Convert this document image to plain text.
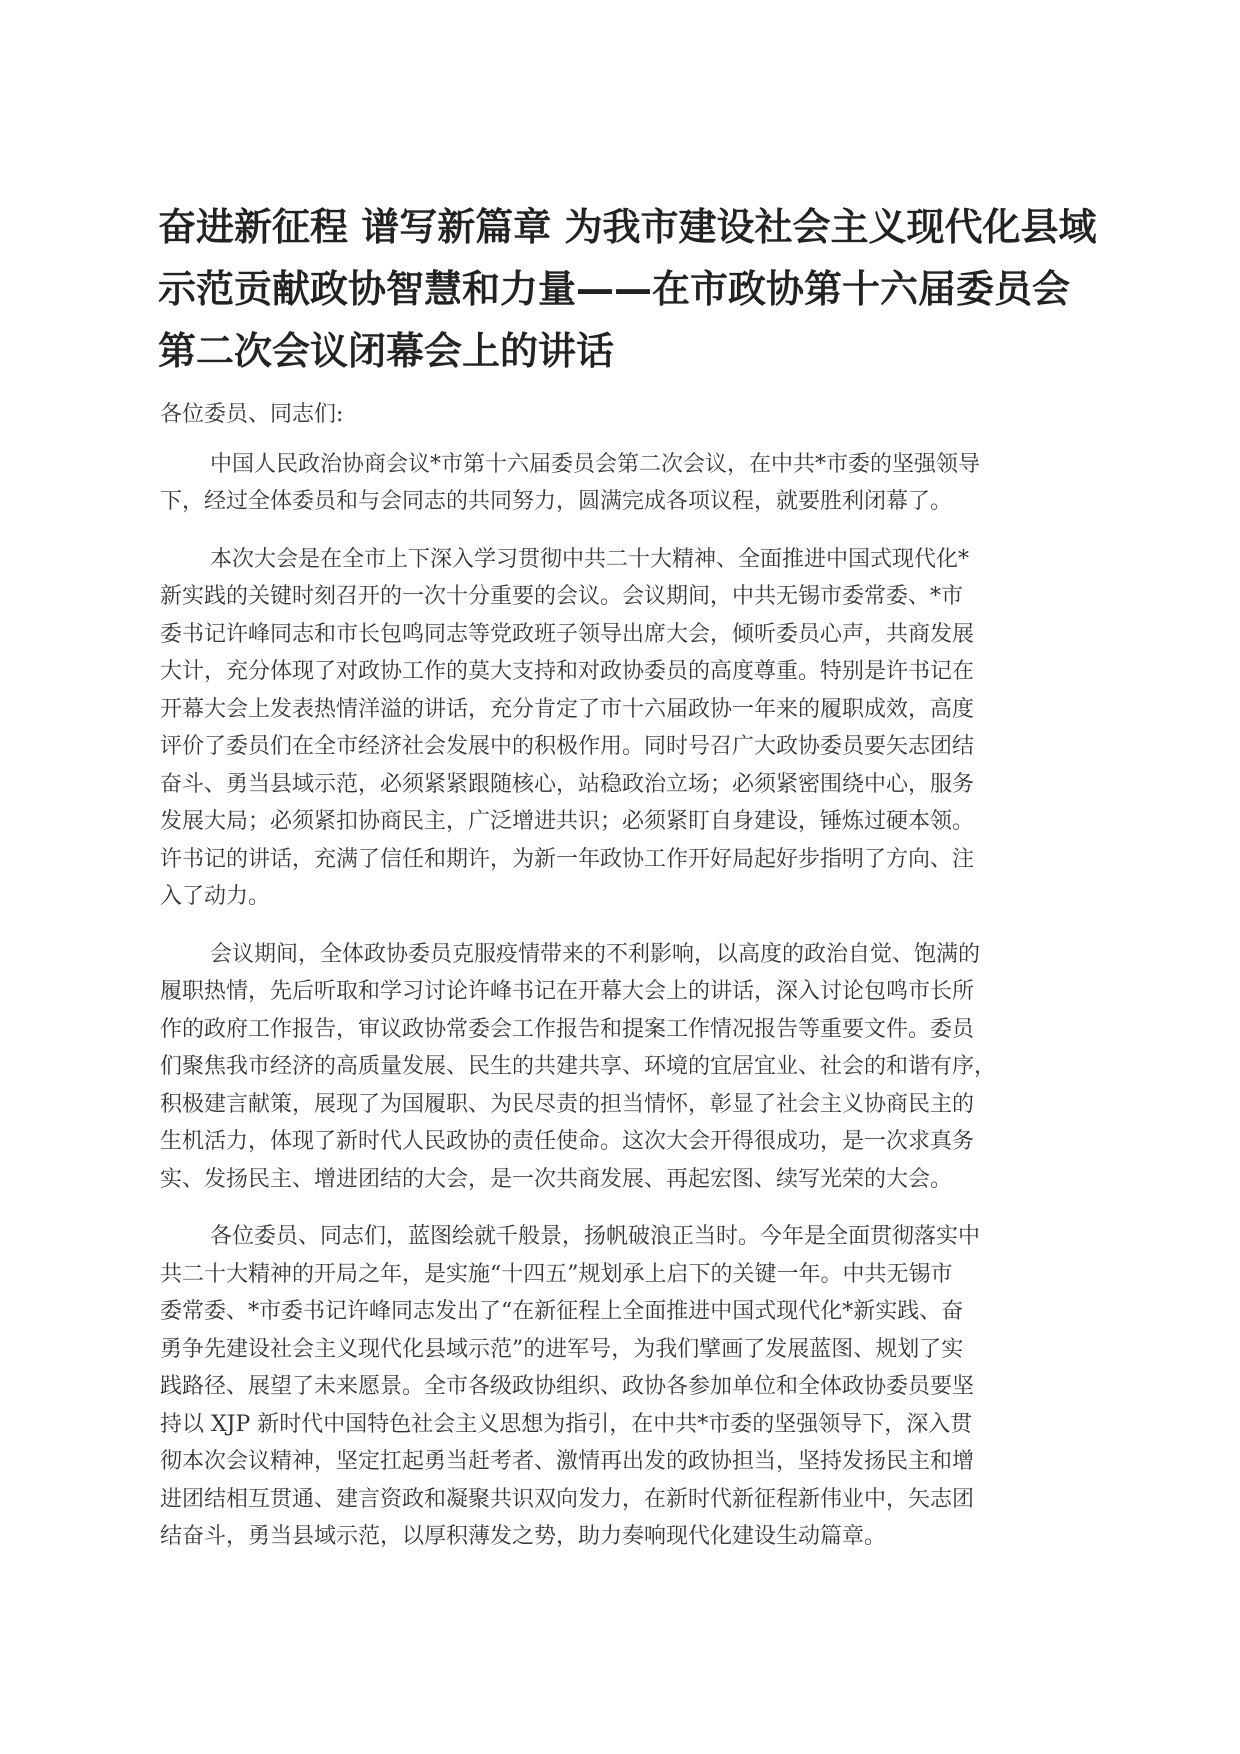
奋进新征程 谱写新篇章 为我市建设社会主义现代化县域
示范贡献政协智慧和力量——在市政协第十六届委员会
第二次会议闭幕会上的讲话

各位委员、同志们:

中国人民政治协商会议*市第十六届委员会第二次会议，在中共*市委的坚强领导
下，经过全体委员和与会同志的共同努力，圆满完成各项议程，就要胜利闭幕了。

本次大会是在全市上下深入学习贯彻中共二十大精神、全面推进中国式现代化*
新实践的关键时刻召开的一次十分重要的会议。会议期间，中共无锡市委常委、*市
委书记许峰同志和市长包鸣同志等党政班子领导出席大会，倾听委员心声，共商发展
大计，充分体现了对政协工作的莫大支持和对政协委员的高度尊重。特别是许书记在
开幕大会上发表热情洋溢的讲话，充分肯定了市十六届政协一年来的履职成效，高度
评价了委员们在全市经济社会发展中的积极作用。同时号召广大政协委员要矢志团结
奋斗、勇当县域示范，必须紧紧跟随核心，站稳政治立场；必须紧密围绕中心，服务
发展大局；必须紧扣协商民主，广泛增进共识；必须紧盯自身建设，锤炼过硬本领。
许书记的讲话，充满了信任和期许，为新一年政协工作开好局起好步指明了方向、注
入了动力。

会议期间，全体政协委员克服疫情带来的不利影响，以高度的政治自觉、饱满的
履职热情，先后听取和学习讨论许峰书记在开幕大会上的讲话，深入讨论包鸣市长所
作的政府工作报告，审议政协常委会工作报告和提案工作情况报告等重要文件。委员
们聚焦我市经济的高质量发展、民生的共建共享、环境的宜居宜业、社会的和谐有序，
积极建言献策，展现了为国履职、为民尽责的担当情怀，彰显了社会主义协商民主的
生机活力，体现了新时代人民政协的责任使命。这次大会开得很成功，是一次求真务
实、发扬民主、增进团结的大会，是一次共商发展、再起宏图、续写光荣的大会。

各位委员、同志们，蓝图绘就千般景，扬帆破浪正当时。今年是全面贯彻落实中
共二十大精神的开局之年，是实施“十四五”规划承上启下的关键一年。中共无锡市
委常委、*市委书记许峰同志发出了“在新征程上全面推进中国式现代化*新实践、奋
勇争先建设社会主义现代化县域示范”的进军号，为我们擘画了发展蓝图、规划了实
践路径、展望了未来愿景。全市各级政协组织、政协各参加单位和全体政协委员要坚
持以 XJP 新时代中国特色社会主义思想为指引，在中共*市委的坚强领导下，深入贯
彻本次会议精神，坚定扛起勇当赶考者、激情再出发的政协担当，坚持发扬民主和增
进团结相互贯通、建言资政和凝聚共识双向发力，在新时代新征程新伟业中，矢志团
结奋斗，勇当县域示范，以厚积薄发之势，助力奏响现代化建设生动篇章。
